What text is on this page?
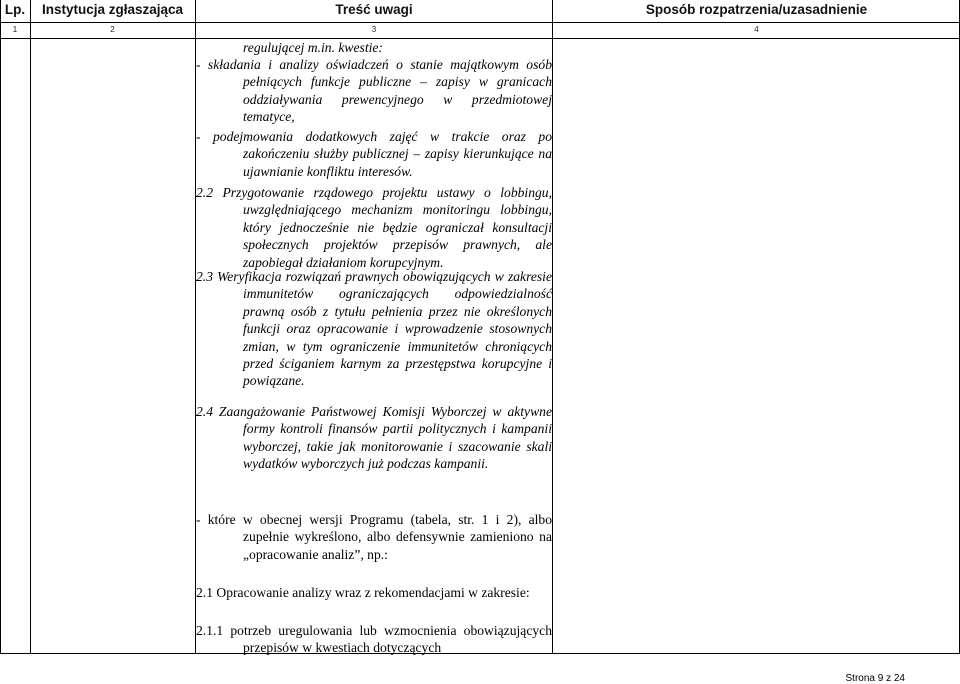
Lp.	Instytucja zgłaszająca	Treść uwagi	Sposób rozpatrzenia/uzasadnienie
1	2	3	4
regulującej m.in. kwestie:
- składania i analizy oświadczeń o stanie majątkowym osób pełniących funkcje publiczne – zapisy w granicach oddziaływania prewencyjnego w przedmiotowej tematyce,
- podejmowania dodatkowych zajęć w trakcie oraz po zakończeniu służby publicznej – zapisy kierunkujące na ujawnianie konfliktu interesów.
2.2 Przygotowanie rządowego projektu ustawy o lobbingu, uwzględniającego mechanizm monitoringu lobbingu, który jednocześnie nie będzie ograniczał konsultacji społecznych projektów przepisów prawnych, ale zapobiegał działaniom korupcyjnym.
2.3 Weryfikacja rozwiązań prawnych obowiązujących w zakresie immunitetów ograniczających odpowiedzialność prawną osób z tytułu pełnienia przez nie określonych funkcji oraz opracowanie i wprowadzenie stosownych zmian, w tym ograniczenie immunitetów chroniących przed ściganiem karnym za przestępstwa korupcyjne i powiązane.
2.4 Zaangażowanie Państwowej Komisji Wyborczej w aktywne formy kontroli finansów partii politycznych i kampanii wyborczej, takie jak monitorowanie i szacowanie skali wydatków wyborczych już podczas kampanii.
- które w obecnej wersji Programu (tabela, str. 1 i 2), albo zupełnie wykreślono, albo defensywnie zamieniono na „opracowanie analiz”, np.:
2.1 Opracowanie analizy wraz z rekomendacjami w zakresie:
2.1.1 potrzeb uregulowania lub wzmocnienia obowiązujących przepisów w kwestiach dotyczących
Strona 9 z 24
